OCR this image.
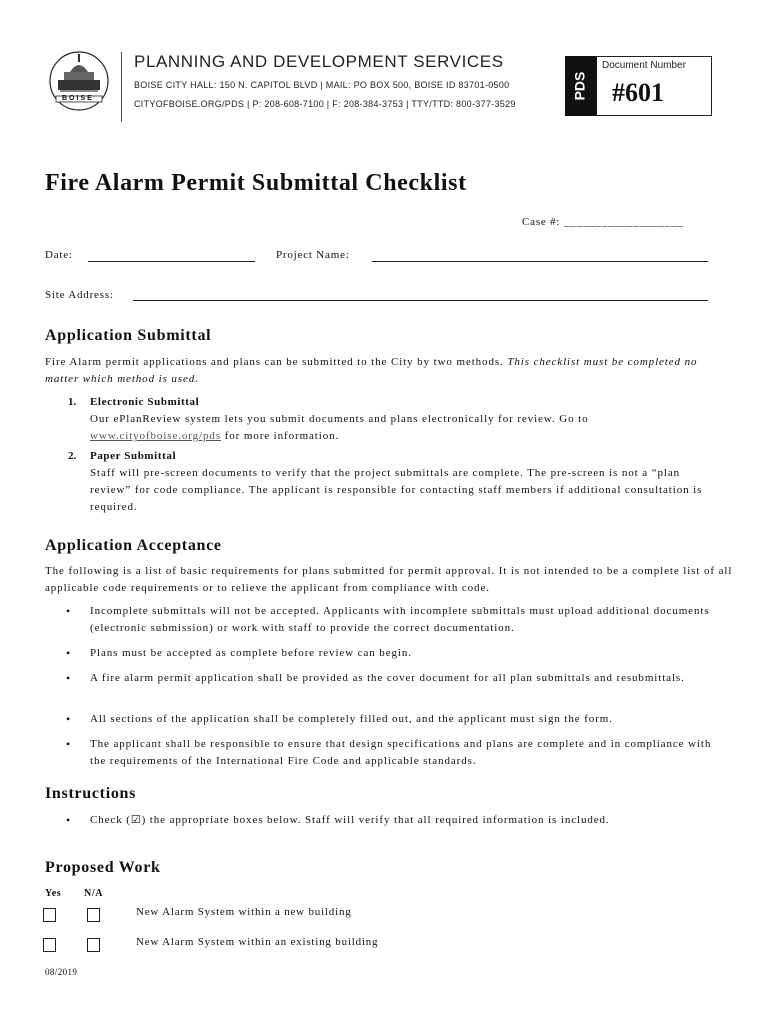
BOISE
PLANNING AND DEVELOPMENT SERVICES
BOISE CITY HALL: 150 N. CAPITOL BLVD | MAIL: PO BOX 500, BOISE ID 83701-0500
CITYOFBOISE.ORG/PDS | P: 208-608-7100 | F: 208-384-3753 | TTY/TTD: 800-377-3529
PDS
Document Number
#601
Fire Alarm Permit Submittal Checklist
Case #: ___________________
Date:	Project Name:
Site Address:
Application Submittal
Fire Alarm permit applications and plans can be submitted to the City by two methods. This checklist must be completed no matter which method is used.
1. Electronic Submittal
Our ePlanReview system lets you submit documents and plans electronically for review. Go to
www.cityofboise.org/pds for more information.
2. Paper Submittal
Staff will pre-screen documents to verify that the project submittals are complete. The pre-screen is not a “plan review” for code compliance. The applicant is responsible for contacting staff members if additional consultation is required.
Application Acceptance
The following is a list of basic requirements for plans submitted for permit approval. It is not intended to be a complete list of all applicable code requirements or to relieve the applicant from compliance with code.
• Incomplete submittals will not be accepted. Applicants with incomplete submittals must upload additional documents (electronic submission) or work with staff to provide the correct documentation.
• Plans must be accepted as complete before review can begin.
• A fire alarm permit application shall be provided as the cover document for all plan submittals and resubmittals.
• All sections of the application shall be completely filled out, and the applicant must sign the form.
• The applicant shall be responsible to ensure that design specifications and plans are complete and in compliance with the requirements of the International Fire Code and applicable standards.
Instructions
• Check (☑) the appropriate boxes below. Staff will verify that all required information is included.
Proposed Work
Yes N/A
New Alarm System within a new building
New Alarm System within an existing building
08/2019
